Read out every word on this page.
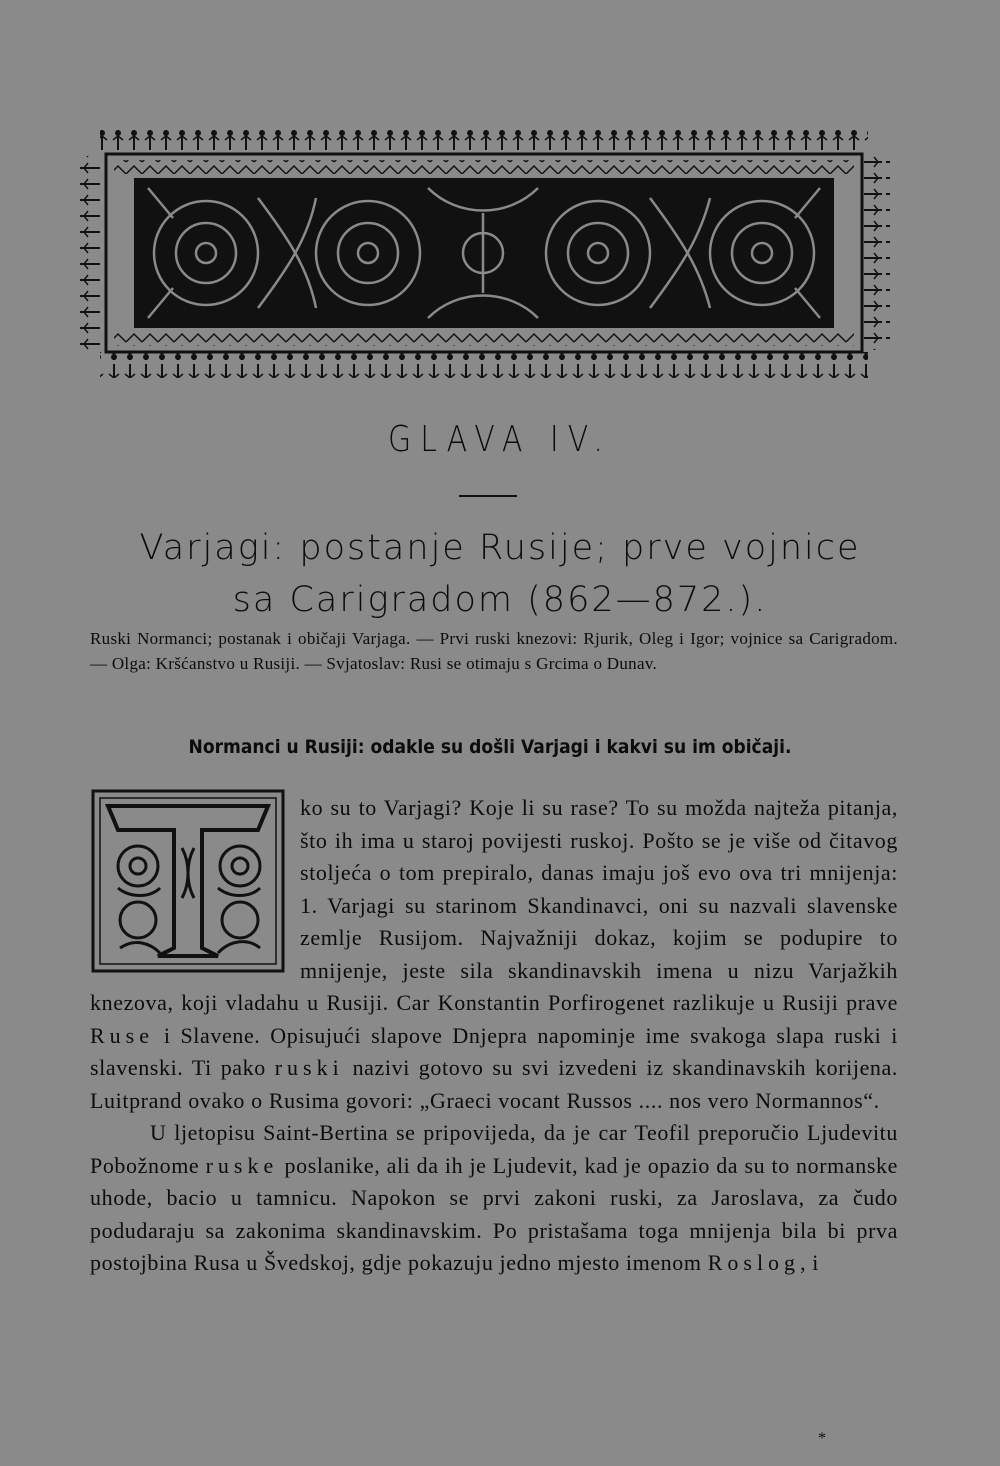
GLAVA IV.
Varjagi: postanje Rusije; prve vojnice
sa Carigradom (862—872.).
Ruski Normanci; postanak i običaji Varjaga. — Prvi ruski knezovi: Rjurik, Oleg i Igor; vojnice sa Carigradom. — Olga: Kršćanstvo u Rusiji. — Svjatoslav: Rusi se otimaju s Grcima o Dunav.
Normanci u Rusiji: odakle su došli Varjagi i kakvi su im običaji.

ko su to Varjagi? Koje li su rase? To su možda najteža pitanja, što ih ima u staroj povijesti ruskoj. Pošto se je više od čitavog stoljeća o tom prepiralo, danas imaju još evo ova tri mnijenja: 1. Varjagi su starinom Skandinavci, oni su nazvali slavenske zemlje Rusijom. Najvažniji dokaz, kojim se podupire to mnijenje, jeste sila skandinavskih imena u nizu Varjažkih knezova, koji vladahu u Rusiji. Car Konstantin Porfirogenet razlikuje u Rusiji prave Ruse i Slavene. Opisujući slapove Dnjepra napominje ime svakoga slapa ruski i slavenski. Ti pako ruski nazivi gotovo su svi izvedeni iz skandinavskih korijena. Luitprand ovako o Rusima govori: „Graeci vocant Russos .... nos vero Normannos“.

U ljetopisu Saint-Bertina se pripovijeda, da je car Teofil preporučio Ljudevitu Pobožnome ruske poslanike, ali da ih je Ljudevit, kad je opazio da su to normanske uhode, bacio u tamnicu. Napokon se prvi zakoni ruski, za Jaroslava, za čudo podudaraju sa zakonima skandinavskim. Po pristašama toga mnijenja bila bi prva postojbina Rusa u Švedskoj, gdje pokazuju jedno mjesto imenom Roslog, i

*
